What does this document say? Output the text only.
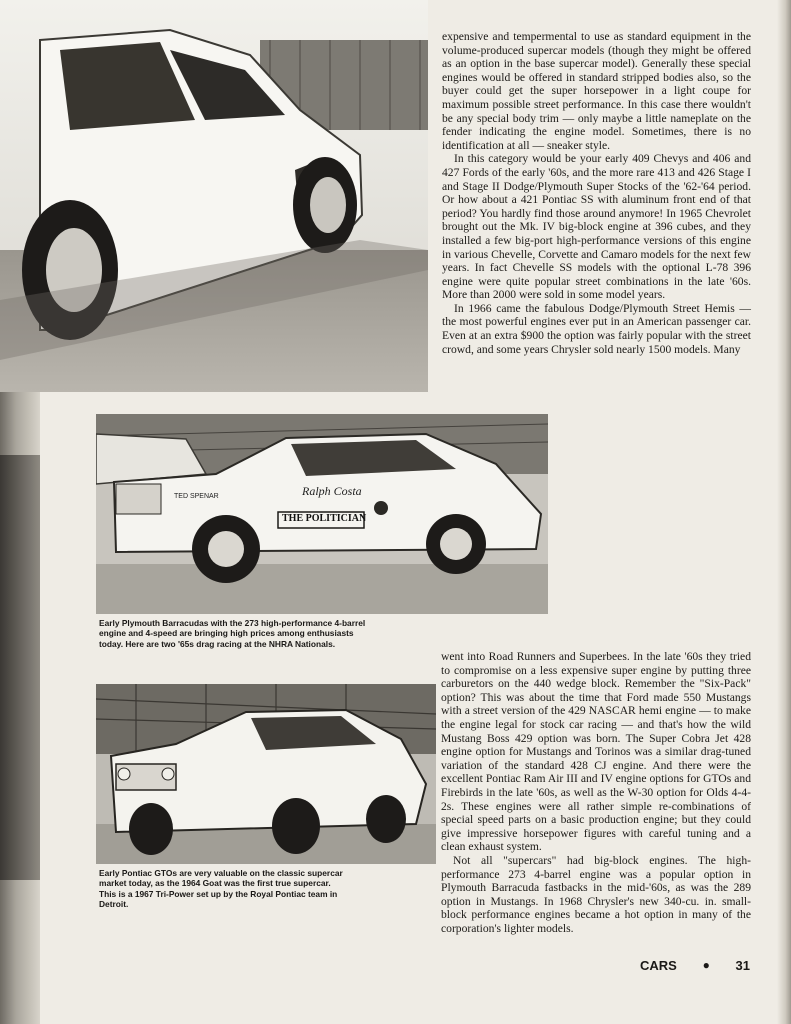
expensive and tempermental to use as standard equipment in the volume-produced supercar models (though they might be offered as an option in the base supercar model). Generally these special engines would be offered in standard stripped bodies also, so the buyer could get the super horsepower in a light coupe for maximum possible street performance. In this case there wouldn't be any special body trim — only maybe a little nameplate on the fender indicating the engine model. Sometimes, there is no identification at all — sneaker style.

In this category would be your early 409 Chevys and 406 and 427 Fords of the early '60s, and the more rare 413 and 426 Stage I and Stage II Dodge/Plymouth Super Stocks of the '62-'64 period. Or how about a 421 Pontiac SS with aluminum front end of that period? You hardly find those around anymore! In 1965 Chevrolet brought out the Mk. IV big-block engine at 396 cubes, and they installed a few big-port high-performance versions of this engine in various Chevelle, Corvette and Camaro models for the next few years. In fact Chevelle SS models with the optional L-78 396 engine were quite popular street combinations in the late '60s. More than 2000 were sold in some model years.

In 1966 came the fabulous Dodge/Plymouth Street Hemis — the most powerful engines ever put in an American passenger car. Even at an extra $900 the option was fairly popular with the street crowd, and some years Chrysler sold nearly 1500 models. Many

TED SPENAR	Ralph Costa
THE POLITICIAN
Early Plymouth Barracudas with the 273 high-performance 4-barrel engine and 4-speed are bringing high prices among enthusiasts today. Here are two '65s drag racing at the NHRA Nationals.
Early Pontiac GTOs are very valuable on the classic supercar market today, as the 1964 Goat was the first true supercar. This is a 1967 Tri-Power set up by the Royal Pontiac team in Detroit.

went into Road Runners and Superbees. In the late '60s they tried to compromise on a less expensive super engine by putting three carburetors on the 440 wedge block. Remember the "Six-Pack" option? This was about the time that Ford made 550 Mustangs with a street version of the 429 NASCAR hemi engine — to make the engine legal for stock car racing — and that's how the wild Mustang Boss 429 option was born. The Super Cobra Jet 428 engine option for Mustangs and Torinos was a similar drag-tuned variation of the standard 428 CJ engine. And there were the excellent Pontiac Ram Air III and IV engine options for GTOs and Firebirds in the late '60s, as well as the W-30 option for Olds 4-4-2s. These engines were all rather simple re-combinations of special speed parts on a basic production engine; but they could give impressive horsepower figures with careful tuning and a clean exhaust system.

Not all "supercars" had big-block engines. The high-performance 273 4-barrel engine was a popular option in Plymouth Barracuda fastbacks in the mid-'60s, as was the 289 option in Mustangs. In 1968 Chrysler's new 340-cu. in. small-block performance engines became a hot option in many of the corporation's lighter models.

CARS ● 31
